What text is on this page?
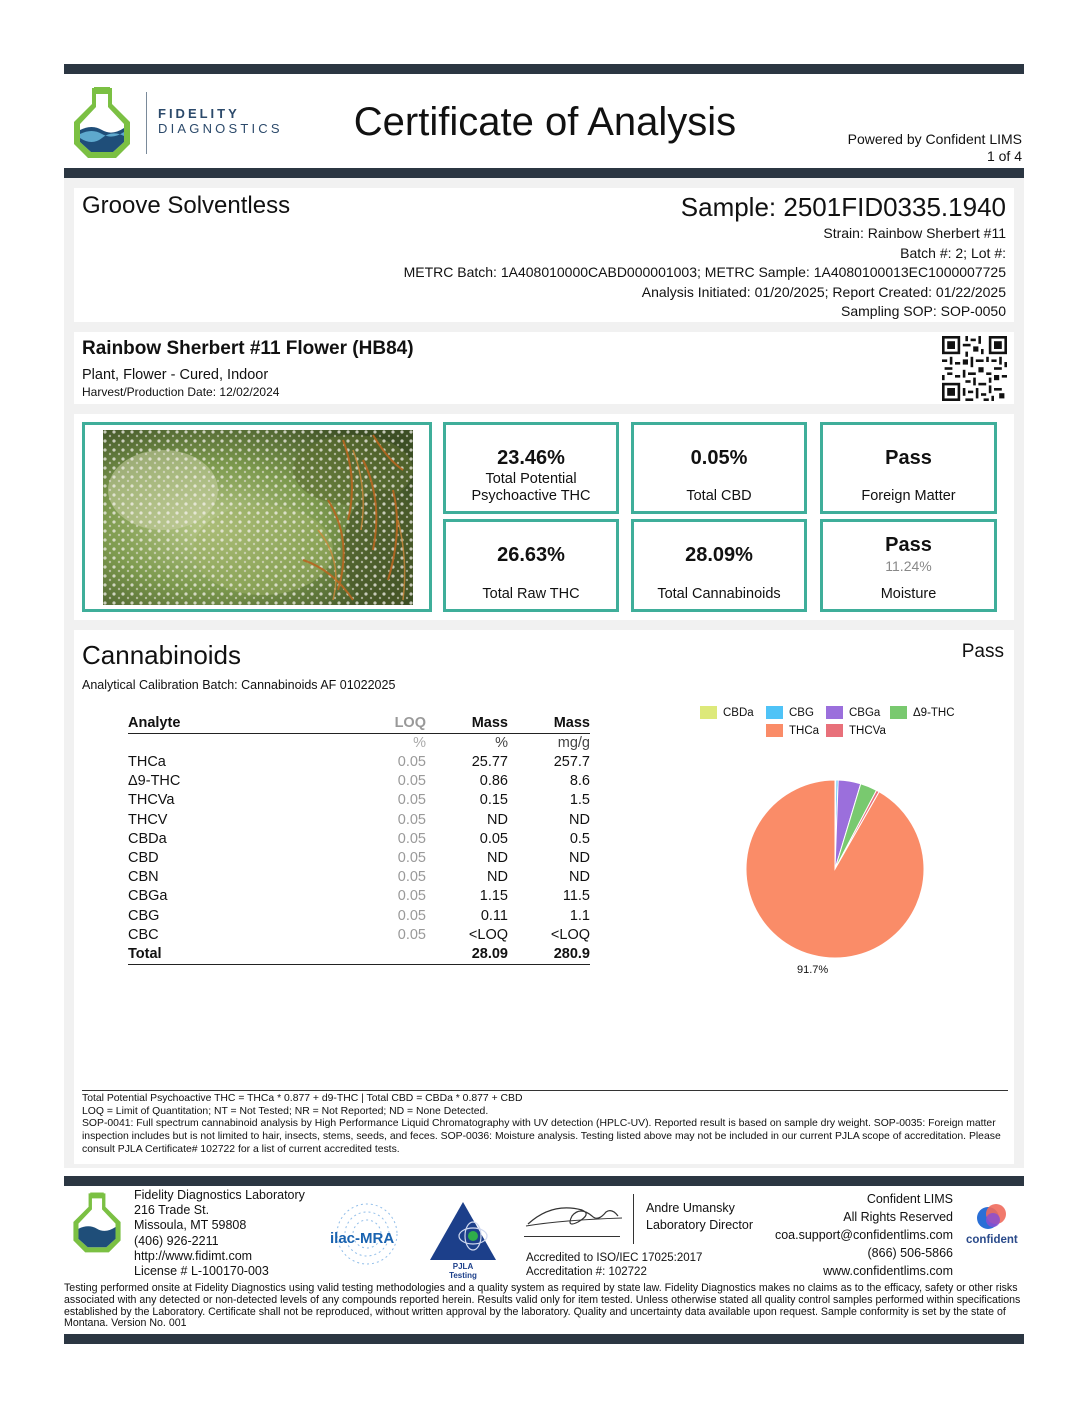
FIDELITY
DIAGNOSTICS	Certificate of Analysis	Powered by Confident LIMS
1 of 4
Groove Solventless	Sample: 2501FID0335.1940
Strain: Rainbow Sherbert #11
Batch #: 2; Lot #:
METRC Batch: 1A408010000CABD000001003; METRC Sample: 1A4080100013EC1000007725
Analysis Initiated: 01/20/2025; Report Created: 01/22/2025
Sampling SOP: SOP-0050
Rainbow Sherbert #11 Flower (HB84)
Plant, Flower - Cured, Indoor
Harvest/Production Date: 12/02/2024
23.46%
Total Potential
Psychoactive THC
0.05%
Total CBD
Pass
Foreign Matter
26.63%
Total Raw THC
28.09%
Total Cannabinoids
Pass
11.24%
Moisture
Cannabinoids	Pass
Analytical Calibration Batch: Cannabinoids AF 01022025
Analyte	LOQ	Mass	Mass
	%	%	mg/g
THCa	0.05	25.77	257.7
Δ9-THC	0.05	0.86	8.6
THCVa	0.05	0.15	1.5
THCV	0.05	ND	ND
CBDa	0.05	0.05	0.5
CBD	0.05	ND	ND
CBN	0.05	ND	ND
CBGa	0.05	1.15	11.5
CBG	0.05	0.11	1.1
CBC	0.05	<LOQ	<LOQ
Total		28.09	280.9
CBDa	CBG	CBGa	Δ9-THC
THCa	THCVa
91.7%
Total Potential Psychoactive THC = THCa * 0.877 + d9-THC | Total CBD = CBDa * 0.877 + CBD
LOQ = Limit of Quantitation; NT = Not Tested; NR = Not Reported; ND = None Detected.
SOP-0041: Full spectrum cannabinoid analysis by High Performance Liquid Chromatography with UV detection (HPLC-UV). Reported result is based on sample dry weight. SOP-0035: Foreign matter inspection includes but is not limited to hair, insects, stems, seeds, and feces. SOP-0036: Moisture analysis. Testing listed above may not be included in our current PJLA scope of accreditation. Please consult PJLA Certificate# 102722 for a list of current accredited tests.
Fidelity Diagnostics Laboratory
216 Trade St.
Missoula, MT 59808
(406) 926-2211
http://www.fidimt.com
License # L-100170-003
ilac-MRA
PJLA
Testing
Andre Umansky
Laboratory Director
Accredited to ISO/IEC 17025:2017
Accreditation #: 102722
Confident LIMS
All Rights Reserved
coa.support@confidentlims.com
(866) 506-5866
www.confidentlims.com
confident
Testing performed onsite at Fidelity Diagnostics using valid testing methodologies and a quality system as required by state law. Fidelity Diagnostics makes no claims as to the efficacy, safety or other risks associated with any detected or non-detected levels of any compounds reported herein. Results valid only for item tested. Unless otherwise stated all quality control samples performed within specifications established by the Laboratory. Certificate shall not be reproduced, without written approval by the laboratory. Quality and uncertainty data available upon request. Sample conformity is set by the state of Montana. Version No. 001
